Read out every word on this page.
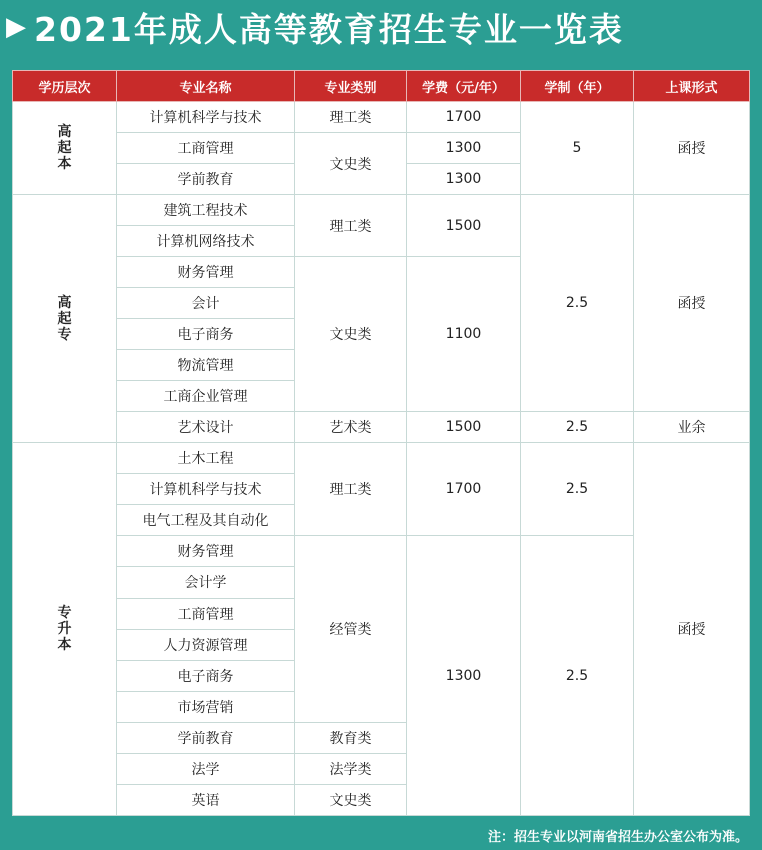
▶ 2021年成人高等教育招生专业一览表
学历层次	专业名称	专业类别	学费（元/年）	学制（年）	上课形式
高起本	计算机科学与技术	理工类	1700	5	函授
	工商管理	文史类	1300		
	学前教育		1300		
高起专	建筑工程技术	理工类	1500	2.5	函授
	计算机网络技术				
	财务管理	文史类	1100		
	会计				
	电子商务				
	物流管理				
	工商企业管理				
	艺术设计	艺术类	1500	2.5	业余
专升本	土木工程	理工类	1700	2.5	函授
	计算机科学与技术				
	电气工程及其自动化				
	财务管理	经管类	1300	2.5	
	会计学				
	工商管理				
	人力资源管理				
	电子商务				
	市场营销				
	学前教育	教育类			
	法学	法学类			
	英语	文史类			
注：招生专业以河南省招生办公室公布为准。
